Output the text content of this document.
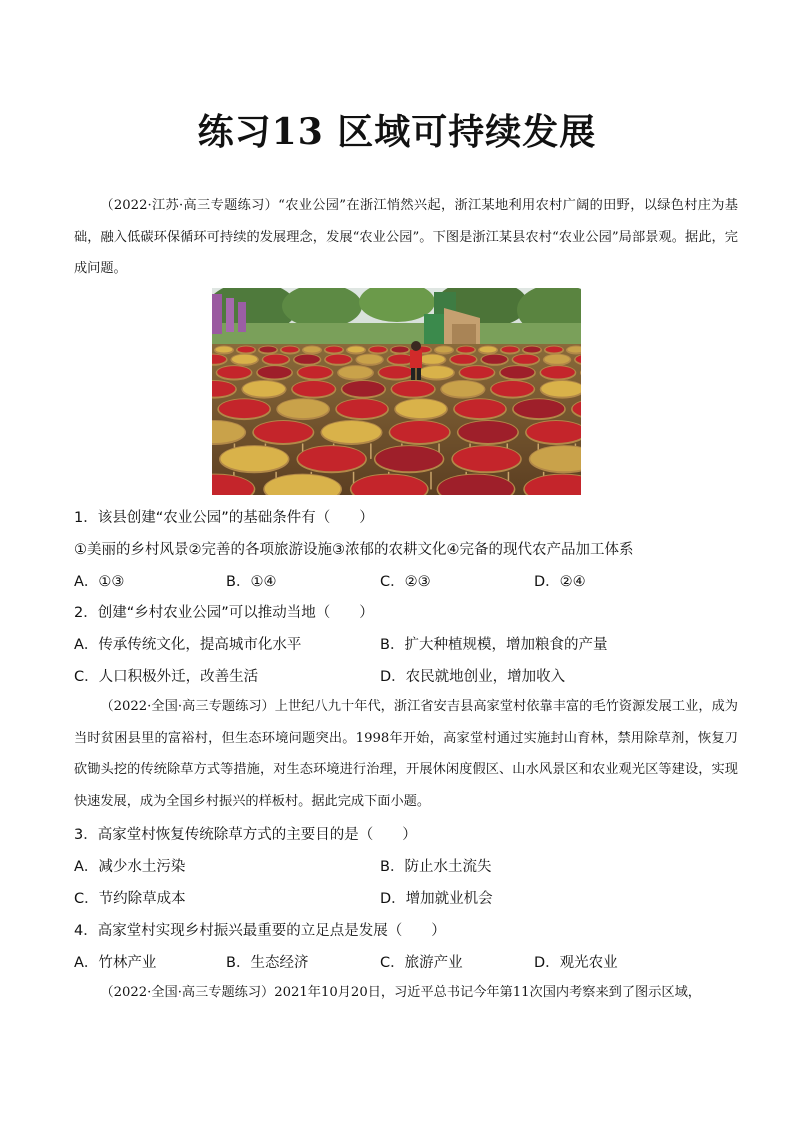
练习13 区域可持续发展
（2022·江苏·高三专题练习）“农业公园”在浙江悄然兴起，浙江某地利用农村广阔的田野，以绿色村庄为基础，融入低碳环保循环可持续的发展理念，发展“农业公园”。下图是浙江某县农村“农业公园”局部景观。据此，完成问题。
1．该县创建“农业公园”的基础条件有（　　）
①美丽的乡村风景②完善的各项旅游设施③浓郁的农耕文化④完备的现代农产品加工体系
A．①③	B．①④	C．②③	D．②④
2．创建“乡村农业公园”可以推动当地（　　）
A．传承传统文化，提高城市化水平	B．扩大种植规模，增加粮食的产量
C．人口积极外迁，改善生活	D．农民就地创业，增加收入
（2022·全国·高三专题练习）上世纪八九十年代，浙江省安吉县高家堂村依靠丰富的毛竹资源发展工业，成为当时贫困县里的富裕村，但生态环境问题突出。1998年开始，高家堂村通过实施封山育林，禁用除草剂，恢复刀砍锄头挖的传统除草方式等措施，对生态环境进行治理，开展休闲度假区、山水风景区和农业观光区等建设，实现快速发展，成为全国乡村振兴的样板村。据此完成下面小题。
3．高家堂村恢复传统除草方式的主要目的是（　　）
A．减少水土污染	B．防止水土流失
C．节约除草成本	D．增加就业机会
4．高家堂村实现乡村振兴最重要的立足点是发展（　　）
A．竹林产业	B．生态经济	C．旅游产业	D．观光农业
（2022·全国·高三专题练习）2021年10月20日，习近平总书记今年第11次国内考察来到了图示区域，
